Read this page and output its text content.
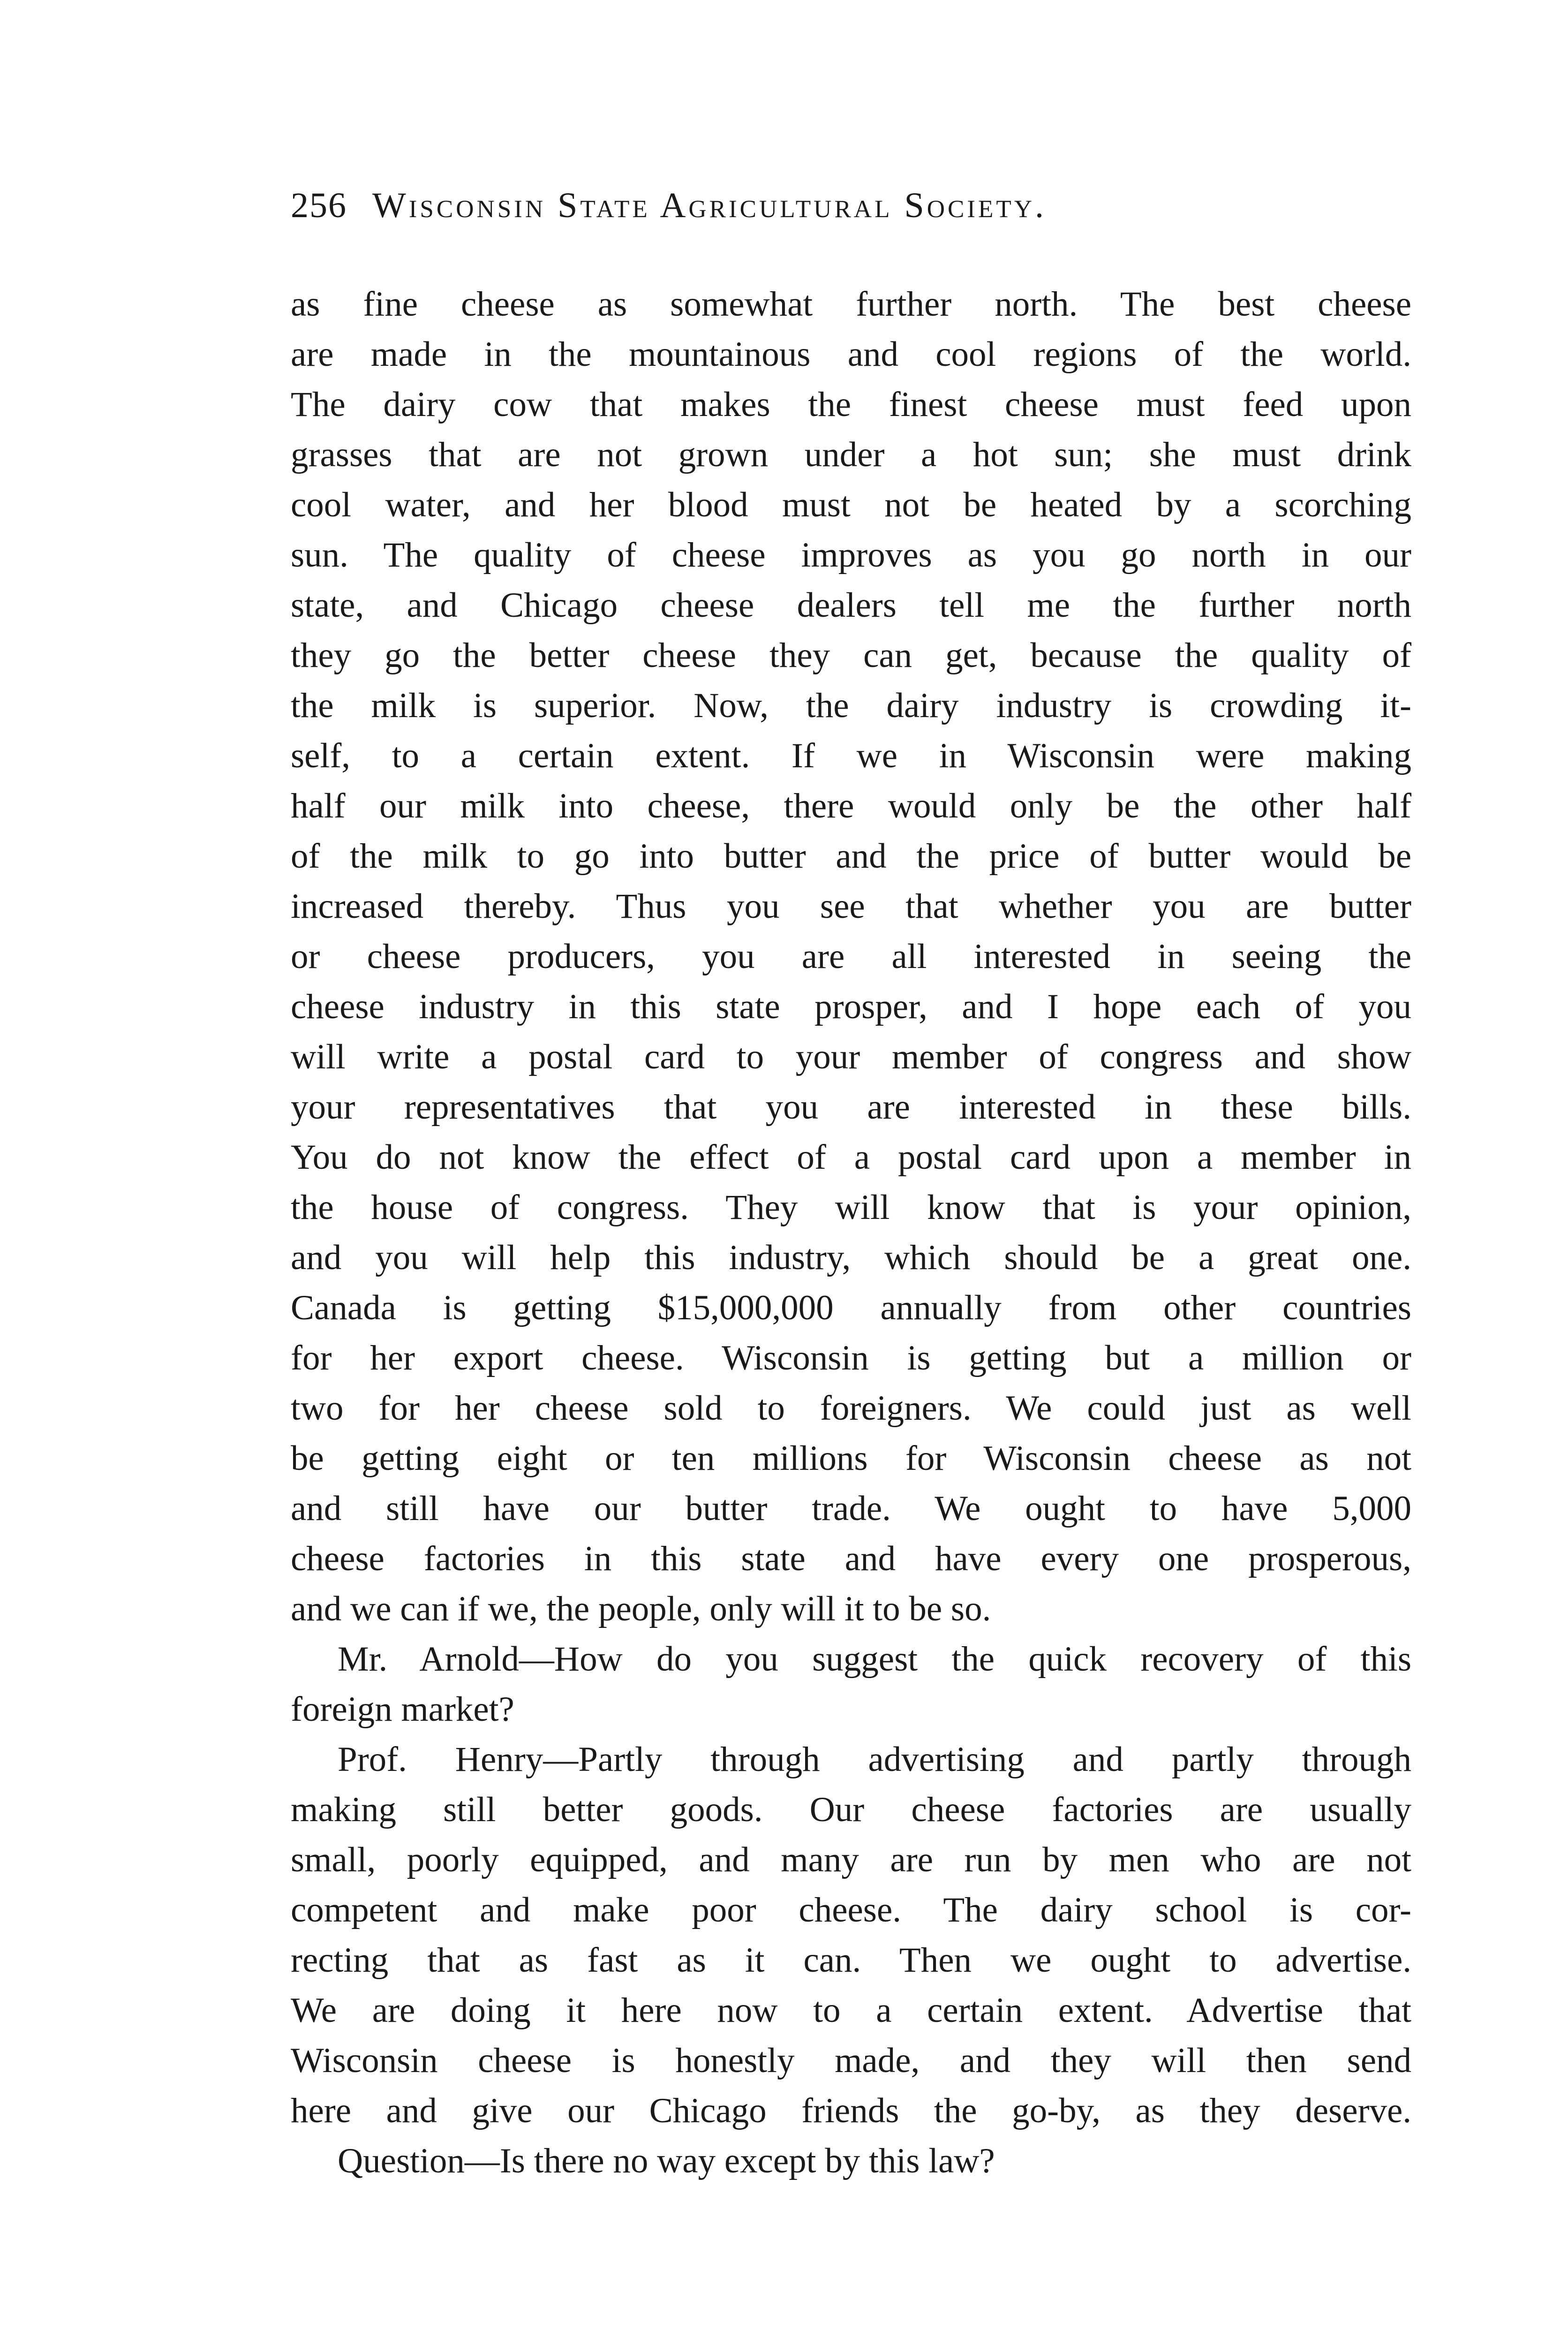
256 Wisconsin State Agricultural Society.
as fine cheese as somewhat further north. The best cheese
are made in the mountainous and cool regions of the world.
The dairy cow that makes the finest cheese must feed upon
grasses that are not grown under a hot sun; she must drink
cool water, and her blood must not be heated by a scorching
sun. The quality of cheese improves as you go north in our
state, and Chicago cheese dealers tell me the further north
they go the better cheese they can get, because the quality of
the milk is superior. Now, the dairy industry is crowding it-
self, to a certain extent. If we in Wisconsin were making
half our milk into cheese, there would only be the other half
of the milk to go into butter and the price of butter would be
increased thereby. Thus you see that whether you are butter
or cheese producers, you are all interested in seeing the
cheese industry in this state prosper, and I hope each of you
will write a postal card to your member of congress and show
your representatives that you are interested in these bills.
You do not know the effect of a postal card upon a member in
the house of congress. They will know that is your opinion,
and you will help this industry, which should be a great one.
Canada is getting $15,000,000 annually from other countries
for her export cheese. Wisconsin is getting but a million or
two for her cheese sold to foreigners. We could just as well
be getting eight or ten millions for Wisconsin cheese as not
and still have our butter trade. We ought to have 5,000
cheese factories in this state and have every one prosperous,
and we can if we, the people, only will it to be so.
Mr. Arnold—How do you suggest the quick recovery of this
foreign market?
Prof. Henry—Partly through advertising and partly through
making still better goods. Our cheese factories are usually
small, poorly equipped, and many are run by men who are not
competent and make poor cheese. The dairy school is cor-
recting that as fast as it can. Then we ought to advertise.
We are doing it here now to a certain extent. Advertise that
Wisconsin cheese is honestly made, and they will then send
here and give our Chicago friends the go-by, as they deserve.
Question—Is there no way except by this law?
